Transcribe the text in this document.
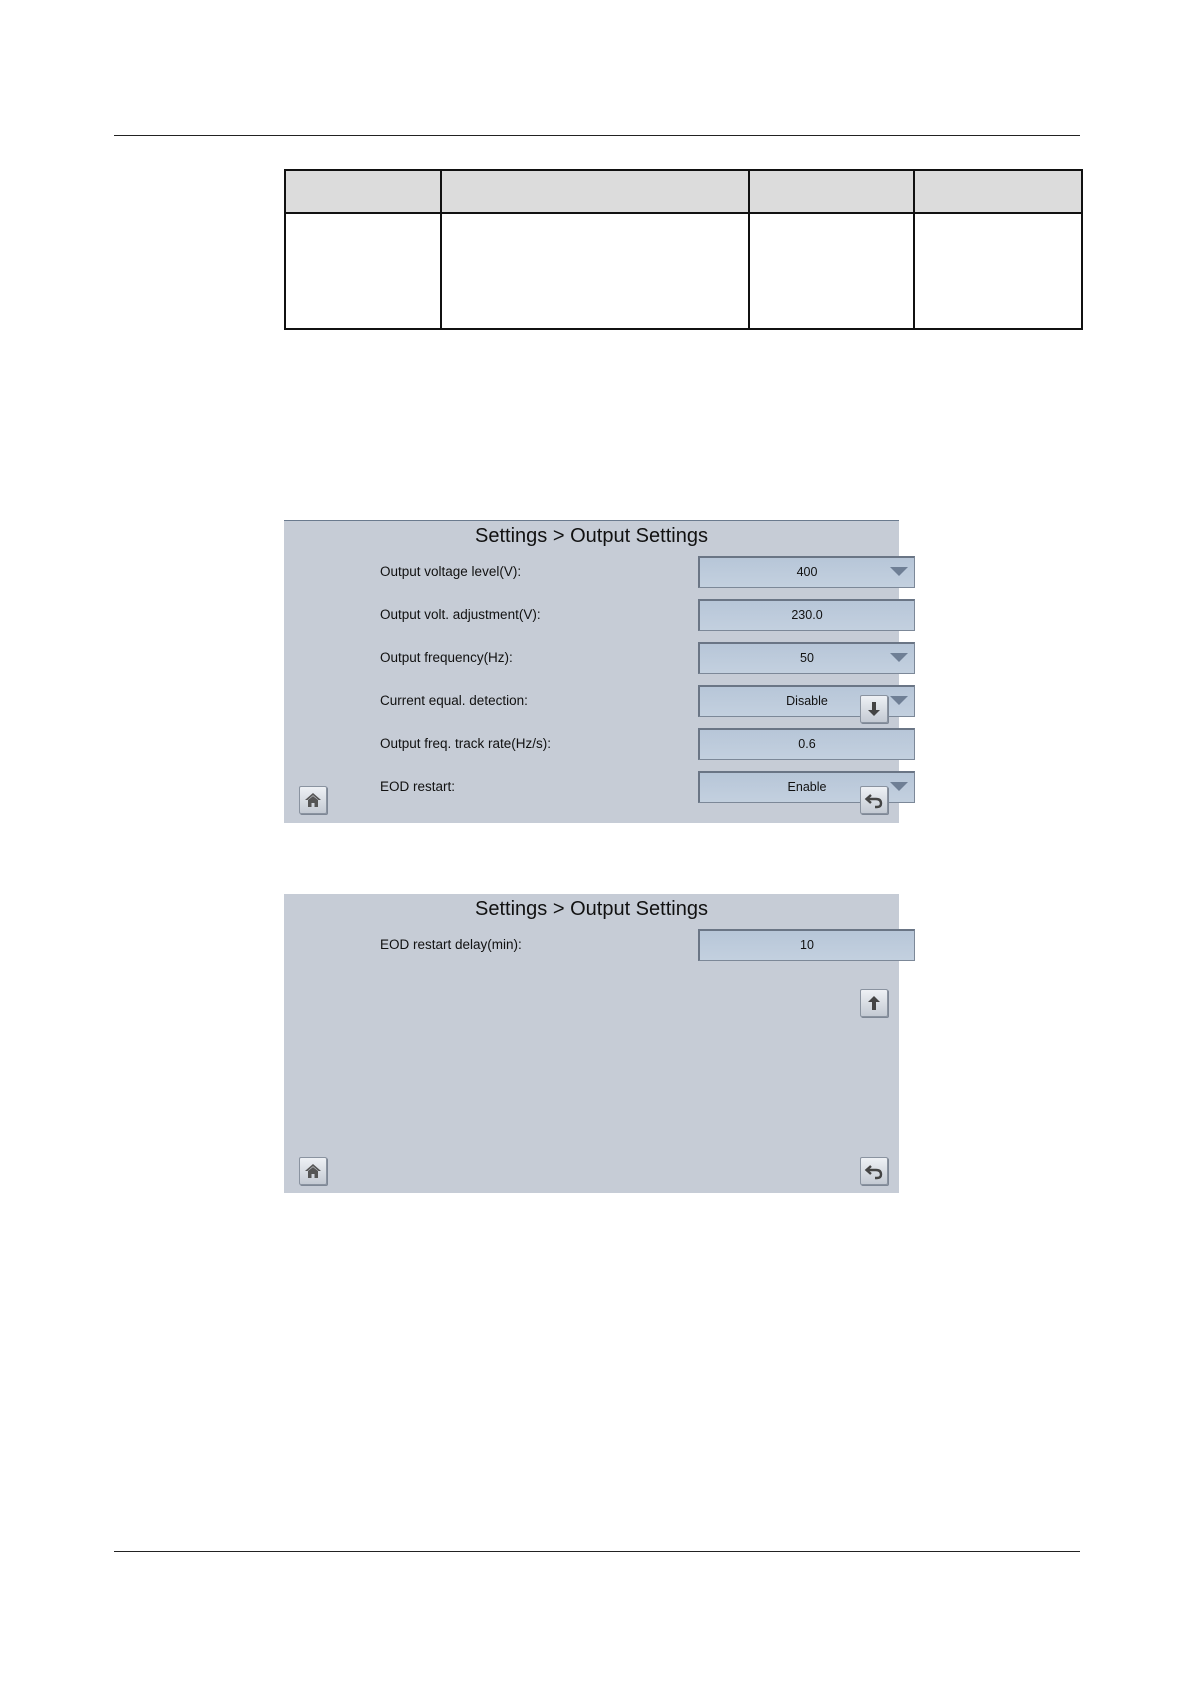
Settings > Output Settings
Output voltage level(V):	400
Output volt. adjustment(V):	230.0
Output frequency(Hz):	50
Current equal. detection:	Disable
Output freq. track rate(Hz/s):	0.6
EOD restart:	Enable
Settings > Output Settings
EOD restart delay(min):	10
